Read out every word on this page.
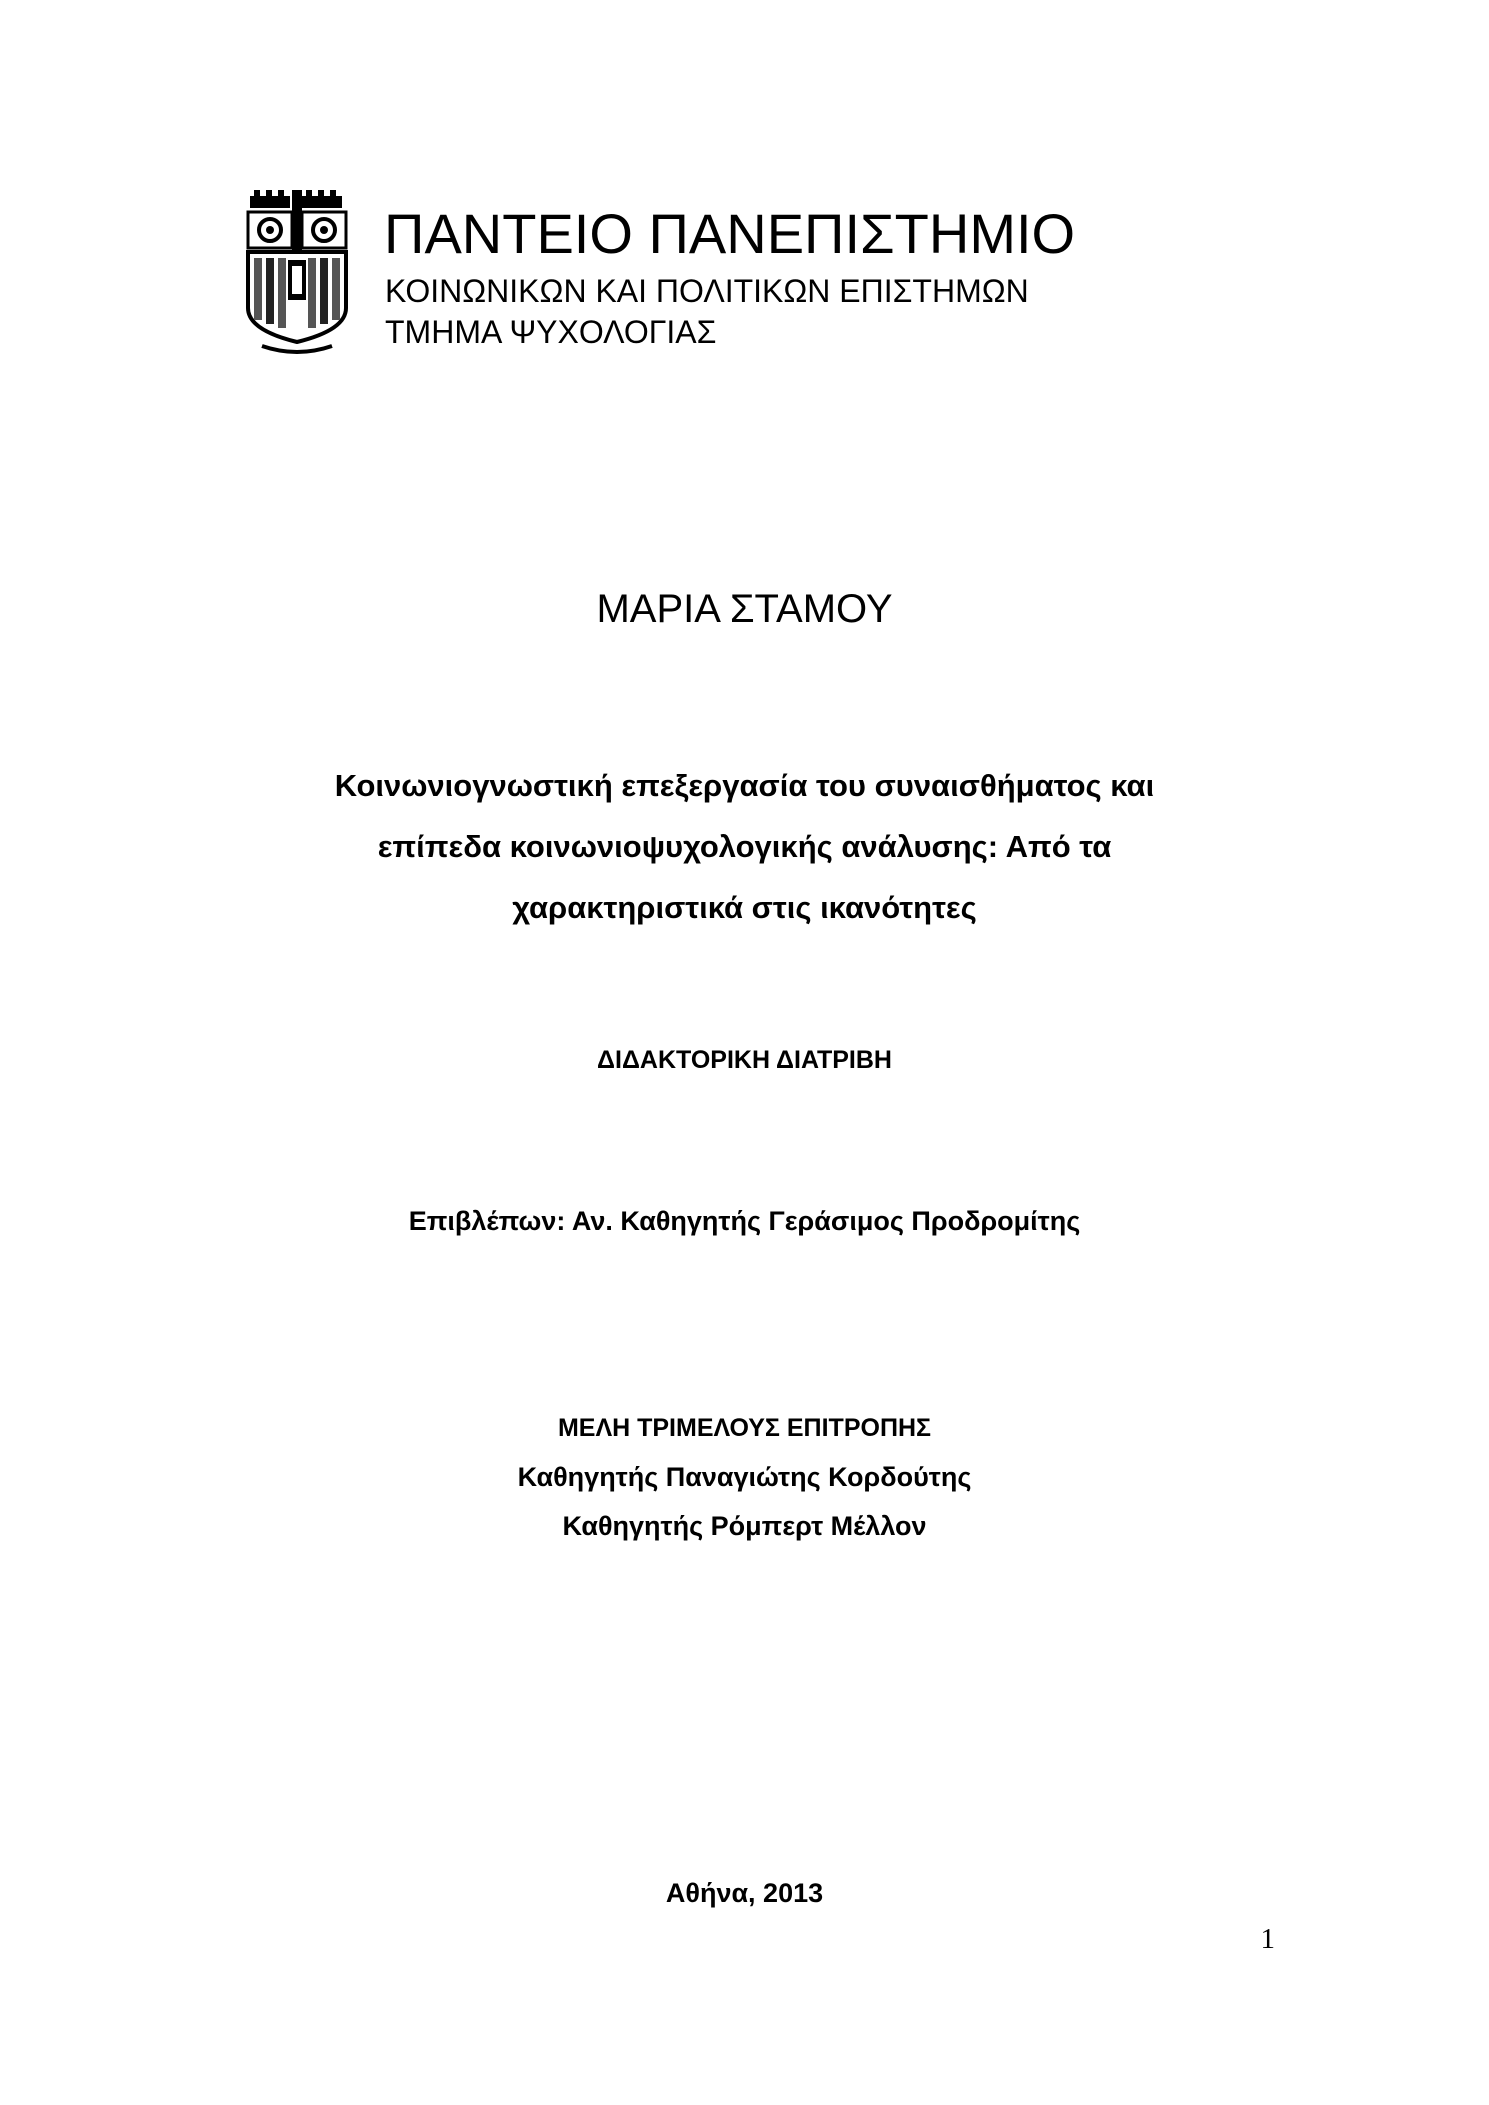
ΠΑΝΤΕΙΟ ΠΑΝΕΠΙΣΤΗΜΙΟ
ΚΟΙΝΩΝΙΚΩΝ ΚΑΙ ΠΟΛΙΤΙΚΩΝ ΕΠΙΣΤΗΜΩΝ
ΤΜΗΜΑ ΨΥΧΟΛΟΓΙΑΣ
ΜΑΡΙΑ ΣΤΑΜΟΥ
Κοινωνιογνωστική επεξεργασία του συναισθήματος και
επίπεδα κοινωνιοψυχολογικής ανάλυσης: Από τα
χαρακτηριστικά στις ικανότητες
ΔΙΔΑΚΤΟΡΙΚΗ ΔΙΑΤΡΙΒΗ
Επιβλέπων: Αν. Καθηγητής Γεράσιμος Προδρομίτης
ΜΕΛΗ ΤΡΙΜΕΛΟΥΣ ΕΠΙΤΡΟΠΗΣ
Καθηγητής Παναγιώτης Κορδούτης
Καθηγητής Ρόμπερτ Μέλλον
Αθήνα, 2013
1
